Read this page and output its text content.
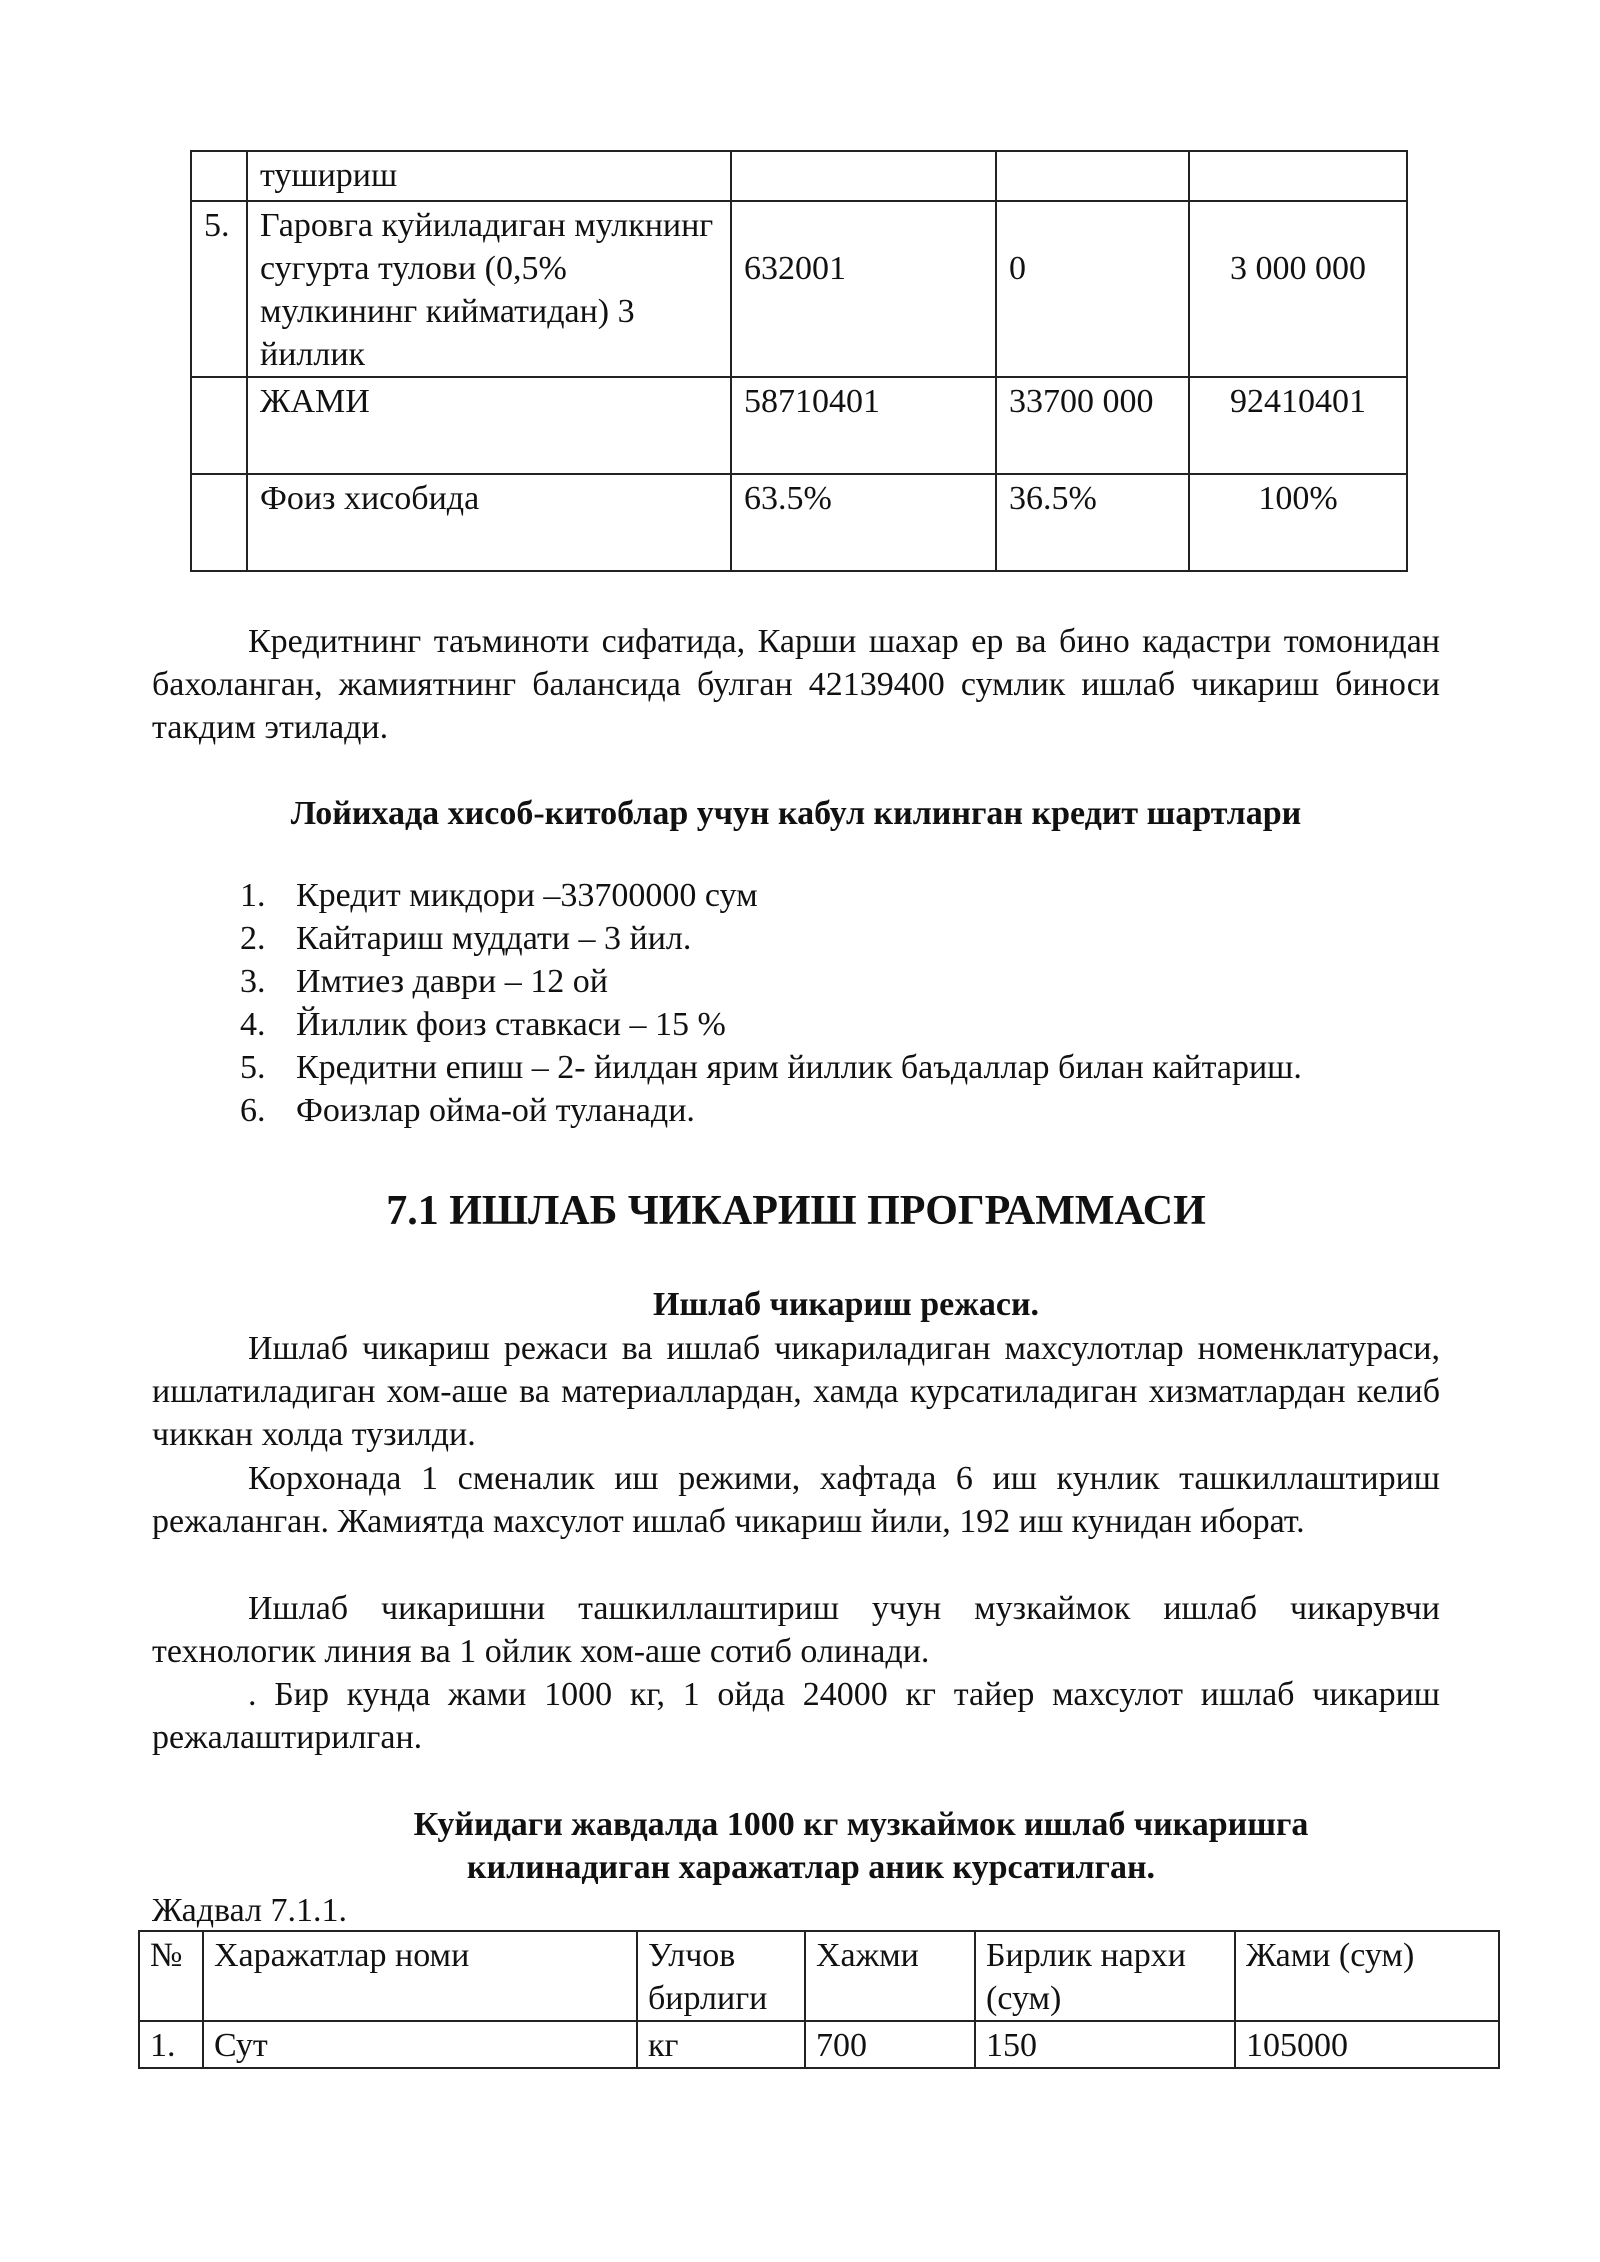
	тушириш			
5.	Гаровга куйиладиган мулкнинг сугурта тулови (0,5% мулкининг кийматидан) 3 йиллик	632001	0	3 000 000
	ЖАМИ	58710401	33700 000	92410401
	Фоиз хисобида	63.5%	36.5%	100%

Кредитнинг таъминоти сифатида, Карши шахар ер ва бино кадастри томонидан бахоланган, жамиятнинг балансида булган 42139400 сумлик ишлаб чикариш биноси такдим этилади.

Лойихада хисоб-китоблар учун кабул килинган кредит шартлари
1. Кредит микдори –33700000 сум
2. Кайтариш муддати – 3 йил.
3. Имтиез даври – 12 ой
4. Йиллик фоиз ставкаси – 15 %
5. Кредитни епиш – 2- йилдан ярим йиллик баъдаллар билан кайтариш.
6. Фоизлар ойма-ой туланади.
7.1 ИШЛАБ ЧИКАРИШ ПРОГРАММАСИ
Ишлаб чикариш режаси.

Ишлаб чикариш режаси ва ишлаб чикариладиган махсулотлар номенклатураси, ишлатиладиган хом-аше ва материаллардан, хамда курсатиладиган хизматлардан келиб чиккан холда тузилди.

Корхонада 1 сменалик иш режими, хафтада 6 иш кунлик ташкиллаштириш режаланган. Жамиятда махсулот ишлаб чикариш йили, 192 иш кунидан иборат.

Ишлаб чикаришни ташкиллаштириш учун музкаймок ишлаб чикарувчи технологик линия ва 1 ойлик хом-аше сотиб олинади.

. Бир кунда жами 1000 кг, 1 ойда 24000 кг тайер махсулот ишлаб чикариш режалаштирилган.

Куйидаги жавдалда 1000 кг музкаймок ишлаб чикаришга
килинадиган харажатлар аник курсатилган.
Жадвал 7.1.1.
№	Харажатлар номи	Улчов бирлиги	Хажми	Бирлик нархи (сум)	Жами (сум)
1.	Сут	кг	700	150	105000
